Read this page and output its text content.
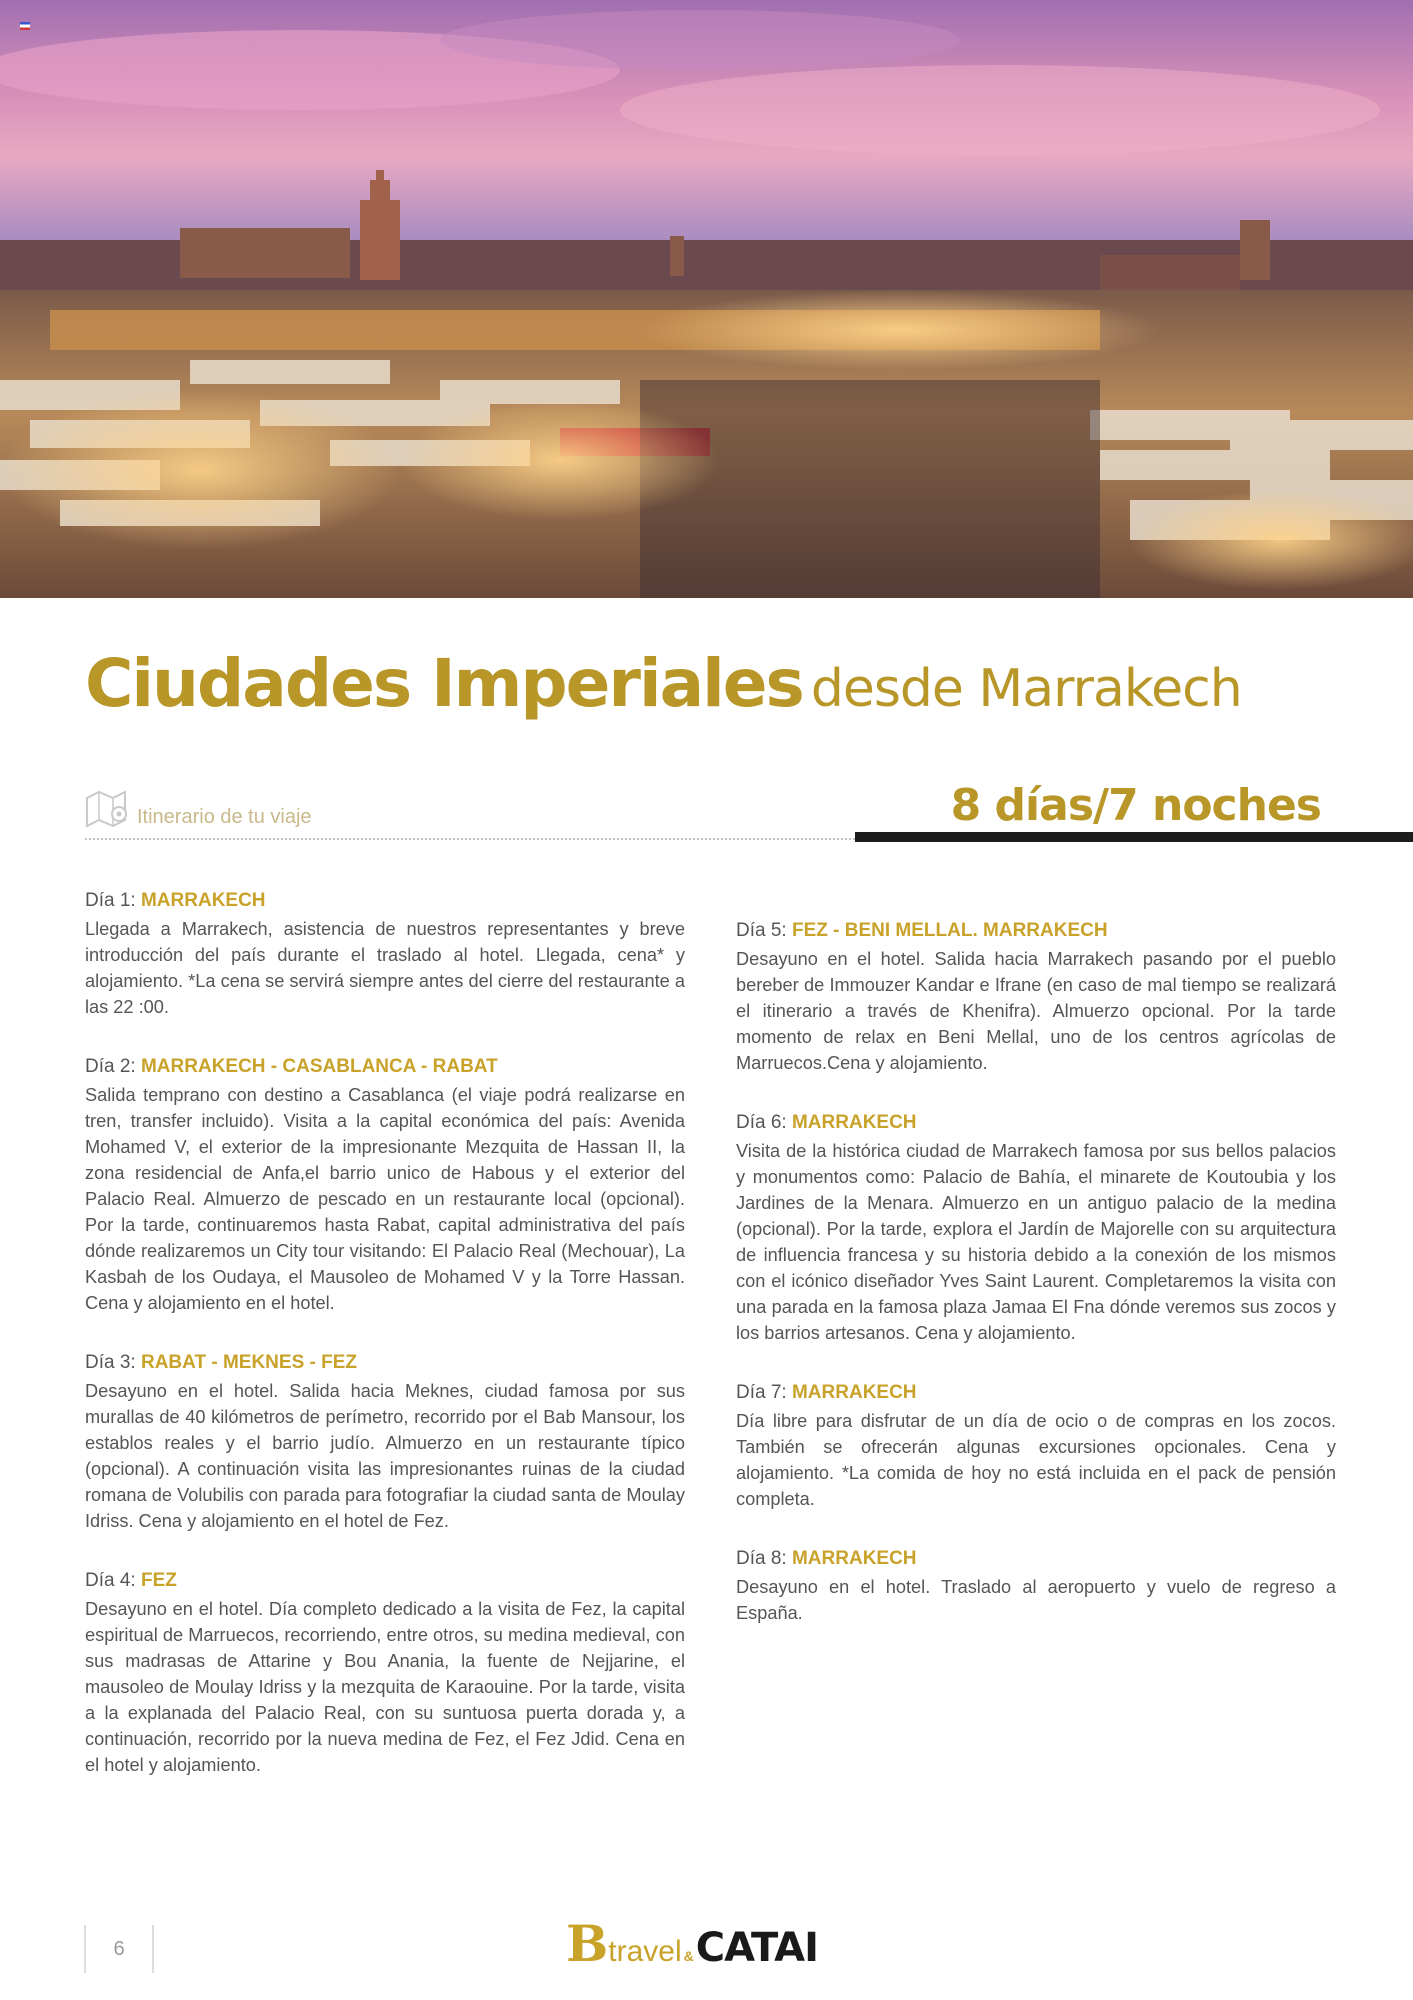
Ciudades Imperiales desde Marrakech
Itinerario de tu viaje	8 días/7 noches
Día 1: MARRAKECH
Llegada a Marrakech, asistencia de nuestros representantes y breve introducción del país durante el traslado al hotel. Llegada, cena* y alojamiento. *La cena se servirá siempre antes del cierre del restaurante a las 22 :00.
Día 2: MARRAKECH - CASABLANCA - RABAT
Salida temprano con destino a Casablanca (el viaje podrá realizarse en tren, transfer incluido). Visita a la capital económica del país: Avenida Mohamed V, el exterior de la impresionante Mezquita de Hassan II, la zona residencial de Anfa,el barrio unico de Habous y el exterior del Palacio Real. Almuerzo de pescado en un restaurante local (opcional). Por la tarde, continuaremos hasta Rabat, capital administrativa del país dónde realizaremos un City tour visitando: El Palacio Real (Mechouar), La Kasbah de los Oudaya, el Mausoleo de Mohamed V y la Torre Hassan. Cena y alojamiento en el hotel.
Día 3: RABAT - MEKNES - FEZ
Desayuno en el hotel. Salida hacia Meknes, ciudad famosa por sus murallas de 40 kilómetros de perímetro, recorrido por el Bab Mansour, los establos reales y el barrio judío. Almuerzo en un restaurante típico (opcional). A continuación visita las impresionantes ruinas de la ciudad romana de Volubilis con parada para fotografiar la ciudad santa de Moulay Idriss. Cena y alojamiento en el hotel de Fez.
Día 4: FEZ
Desayuno en el hotel. Día completo dedicado a la visita de Fez, la capital espiritual de Marruecos, recorriendo, entre otros, su medina medieval, con sus madrasas de Attarine y Bou Anania, la fuente de Nejjarine, el mausoleo de Moulay Idriss y la mezquita de Karaouine. Por la tarde, visita a la explanada del Palacio Real, con su suntuosa puerta dorada y, a continuación, recorrido por la nueva medina de Fez, el Fez Jdid. Cena en el hotel y alojamiento.
Día 5: FEZ - BENI MELLAL. MARRAKECH
Desayuno en el hotel. Salida hacia Marrakech pasando por el pueblo bereber de Immouzer Kandar e Ifrane (en caso de mal tiempo se realizará el itinerario a través de Khenifra). Almuerzo opcional. Por la tarde momento de relax en Beni Mellal, uno de los centros agrícolas de Marruecos.Cena y alojamiento.
Día 6: MARRAKECH
Visita de la histórica ciudad de Marrakech famosa por sus bellos palacios y monumentos como: Palacio de Bahía, el minarete de Koutoubia y los Jardines de la Menara. Almuerzo en un antiguo palacio de la medina (opcional). Por la tarde, explora el Jardín de Majorelle con su arquitectura de influencia francesa y su historia debido a la conexión de los mismos con el icónico diseñador Yves Saint Laurent. Completaremos la visita con una parada en la famosa plaza Jamaa El Fna dónde veremos sus zocos y los barrios artesanos. Cena y alojamiento.
Día 7: MARRAKECH
Día libre para disfrutar de un día de ocio o de compras en los zocos. También se ofrecerán algunas excursiones opcionales. Cena y alojamiento. *La comida de hoy no está incluida en el pack de pensión completa.
Día 8: MARRAKECH
Desayuno en el hotel. Traslado al aeropuerto y vuelo de regreso a España.
6	Btravel &CATAI
